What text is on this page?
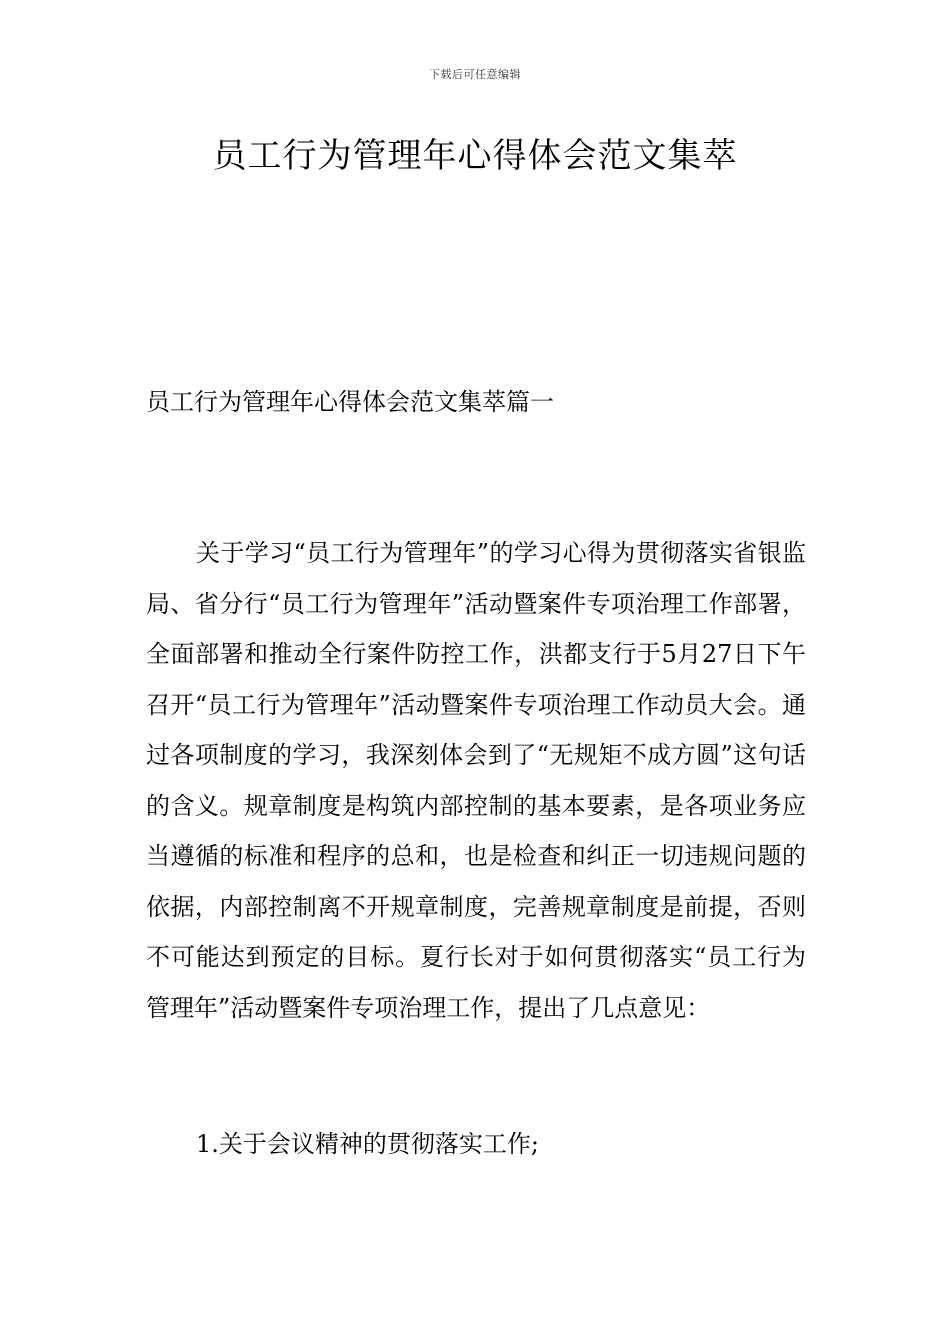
下载后可任意编辑
员工行为管理年心得体会范文集萃
员工行为管理年心得体会范文集萃篇一

关于学习“员工行为管理年”的学习心得为贯彻落实省银监局、省分行“员工行为管理年”活动暨案件专项治理工作部署，全面部署和推动全行案件防控工作，洪都支行于5月27日下午召开“员工行为管理年”活动暨案件专项治理工作动员大会。通过各项制度的学习，我深刻体会到了“无规矩不成方圆”这句话的含义。规章制度是构筑内部控制的基本要素，是各项业务应当遵循的标准和程序的总和，也是检查和纠正一切违规问题的依据，内部控制离不开规章制度，完善规章制度是前提，否则不可能达到预定的目标。夏行长对于如何贯彻落实“员工行为管理年”活动暨案件专项治理工作，提出了几点意见：

1.关于会议精神的贯彻落实工作;
